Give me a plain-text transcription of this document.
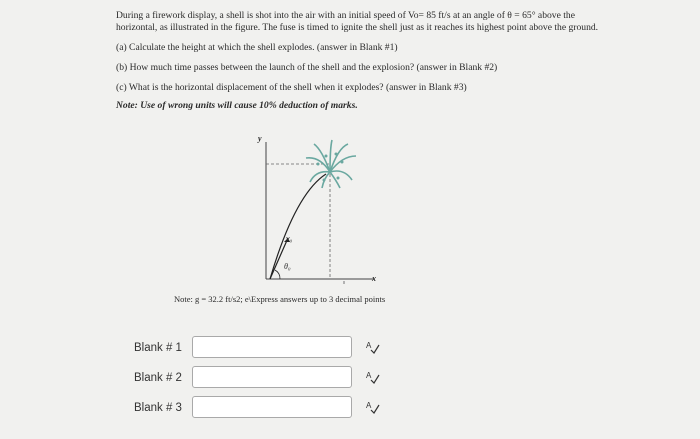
During a firework display, a shell is shot into the air with an initial speed of Vo= 85 ft/s at an angle of θ = 65° above the horizontal, as illustrated in the figure. The fuse is timed to ignite the shell just as it reaches its highest point above the ground.

(a) Calculate the height at which the shell explodes. (answer in Blank #1)

(b) How much time passes between the launch of the shell and the explosion? (answer in Blank #2)

(c) What is the horizontal displacement of the shell when it explodes? (answer in Blank #3)

Note: Use of wrong units will cause 10% deduction of marks.

y
x
v₀
θ₀
Note: g = 32.2 ft/s2; e\Express answers up to 3 decimal points
Blank # 1	A
Blank # 2	A
Blank # 3	A
